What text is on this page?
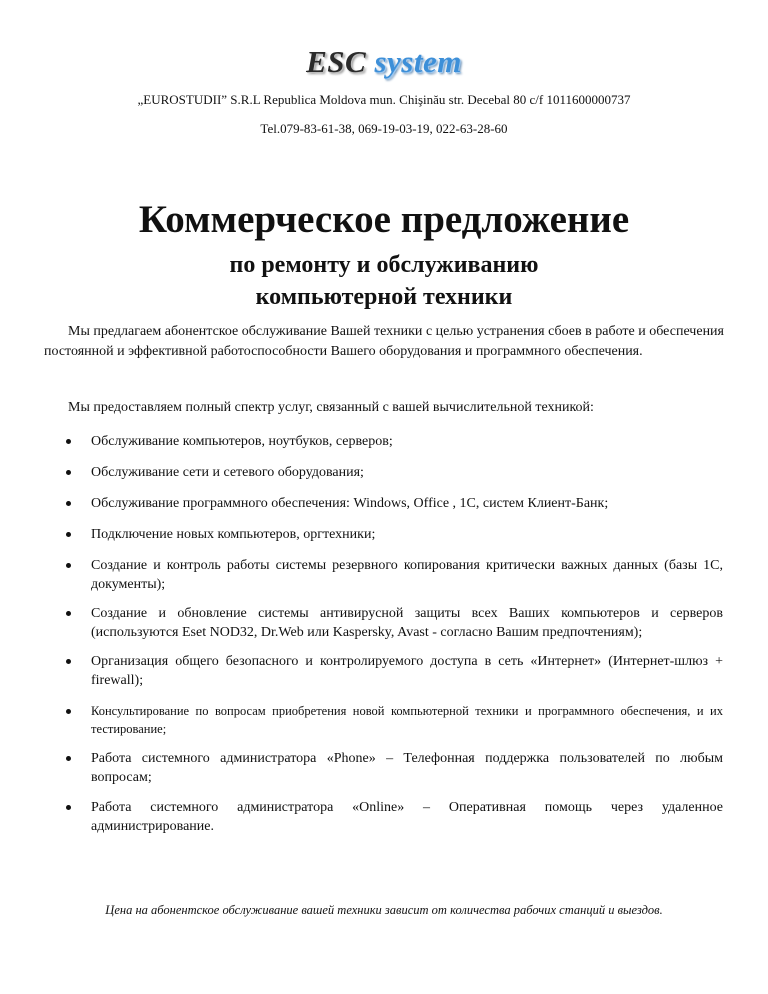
ESC system
„EUROSTUDII” S.R.L Republica Moldova mun. Chişinău str. Decebal 80 c/f 1011600000737
Tel.079-83-61-38, 069-19-03-19, 022-63-28-60
Коммерческое предложение
по ремонту и обслуживанию
компьютерной техники
Мы предлагаем абонентское обслуживание Вашей техники с целью устранения сбоев в работе и обеспечения постоянной и эффективной работоспособности Вашего оборудования и программного обеспечения.
Мы предоставляем полный спектр услуг, связанный с вашей вычислительной техникой:
Обслуживание компьютеров, ноутбуков, серверов;
Обслуживание сети и сетевого оборудования;
Обслуживание программного обеспечения: Windows, Office , 1С, систем Клиент-Банк;
Подключение новых компьютеров, оргтехники;
Создание и контроль работы системы резервного копирования критически важных данных (базы 1С, документы);
Создание и обновление системы антивирусной защиты всех Ваших компьютеров и серверов (используются Eset NOD32, Dr.Web или Kaspersky, Avast - согласно Вашим предпочтениям);
Организация общего безопасного и контролируемого доступа в сеть «Интернет» (Интернет-шлюз + firewall);
Консультирование по вопросам приобретения новой компьютерной техники и программного обеспечения, и их тестирование;
Работа системного администратора «Phone» – Телефонная поддержка пользователей по любым вопросам;
Работа системного администратора «Online» – Оперативная помощь через удаленное администрирование.
Цена на абонентское обслуживание вашей техники зависит от количества рабочих станций и выездов.
